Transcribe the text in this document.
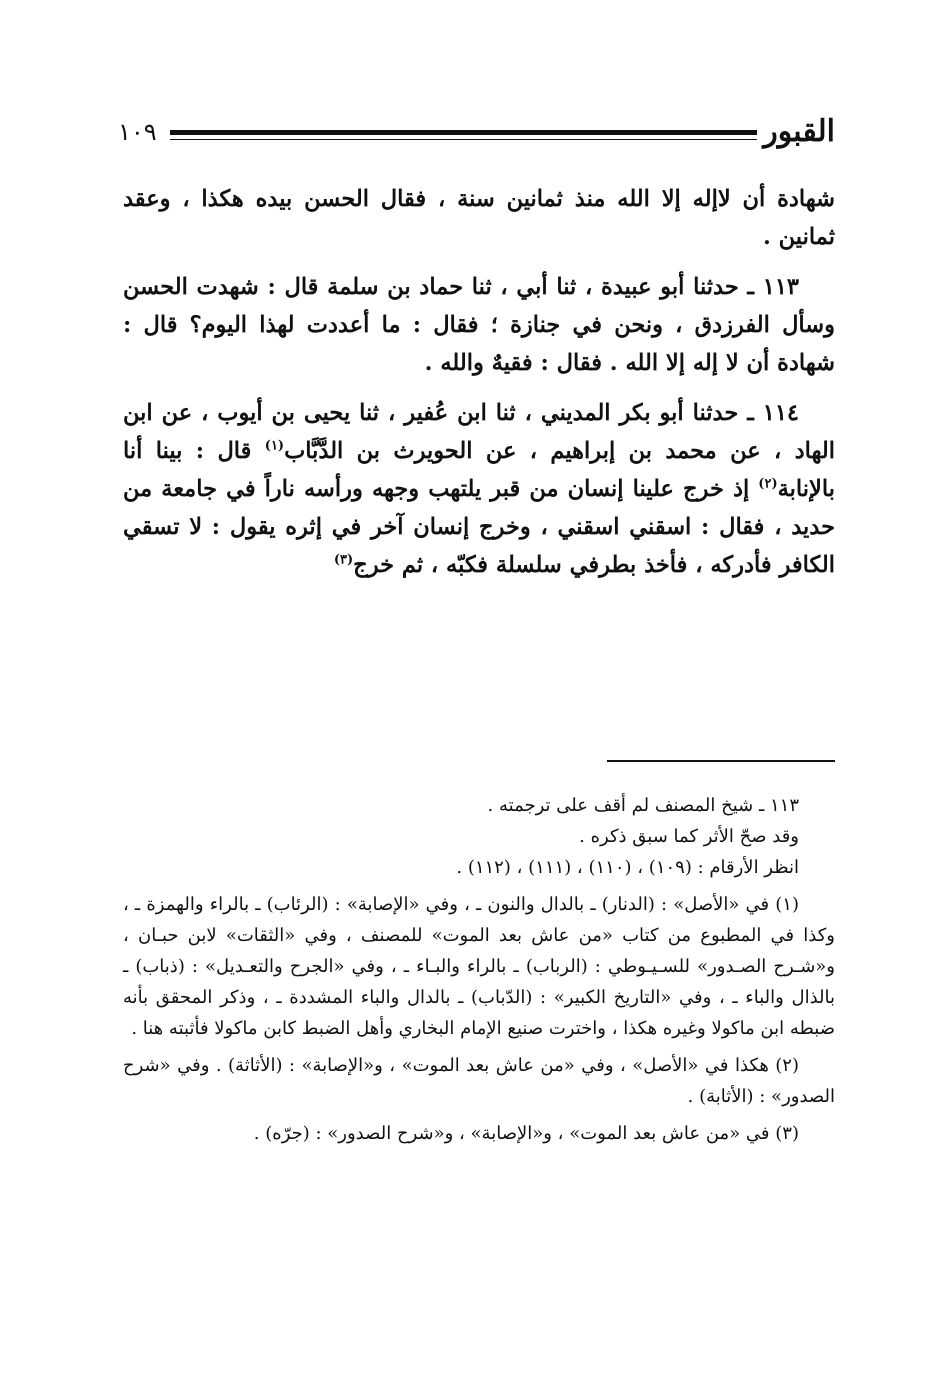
القبور
١٠٩

شهادة أن لاإله إلا الله منذ ثمانين سنة ، فقال الحسن بيده هكذا ، وعقد ثمانين .

١١٣ ـ حدثنا أبو عبيدة ، ثنا أبي ، ثنا حماد بن سلمة قال : شهدت الحسن وسأل الفرزدق ، ونحن في جنازة ؛ فقال : ما أعددت لهذا اليوم؟ قال : شهادة أن لا إله إلا الله . فقال : فقيهٌ والله .

١١٤ ـ حدثنا أبو بكر المديني ، ثنا ابن عُفير ، ثنا يحيى بن أيوب ، عن ابن الهاد ، عن محمد بن إبراهيم ، عن الحويرث بن الدَّبَّاب$^{(١)}$ قال : بينا أنا بالإنابة$^{(٢)}$ إذ خرج علينا إنسان من قبر يلتهب وجهه ورأسه ناراً في جامعة من حديد ، فقال : اسقني اسقني ، وخرج إنسان آخر في إثره يقول : لا تسقي الكافر فأدركه ، فأخذ بطرفي سلسلة فكبّه ، ثم خرج$^{(٣)}$

١١٣ ـ شيخ المصنف لم أقف على ترجمته .

وقد صحّ الأثر كما سبق ذكره .

انظر الأرقام : (١٠٩) ، (١١٠) ، (١١١) ، (١١٢) .

(١) في «الأصل» : (الدنار) ـ بالدال والنون ـ ، وفي «الإصابة» : (الرئاب) ـ بالراء والهمزة ـ ، وكذا في المطبوع من كتاب «من عاش بعد الموت» للمصنف ، وفي «الثقات» لابن حبـان ، و«شـرح الصـدور» للسـيـوطي : (الرباب) ـ بالراء والبـاء ـ ، وفي «الجرح والتعـديل» : (ذباب) ـ بالذال والباء ـ ، وفي «التاريخ الكبير» : (الدّباب) ـ بالدال والباء المشددة ـ ، وذكر المحقق بأنه ضبطه ابن ماكولا وغيره هكذا ، واخترت صنيع الإمام البخاري وأهل الضبط كابن ماكولا فأثبته هنا .

(٢) هكذا في «الأصل» ، وفي «من عاش بعد الموت» ، و«الإصابة» : (الأثاثة) . وفي «شرح الصدور» : (الأثابة) .

(٣) في «من عاش بعد الموت» ، و«الإصابة» ، و«شرح الصدور» : (جرّه) .
